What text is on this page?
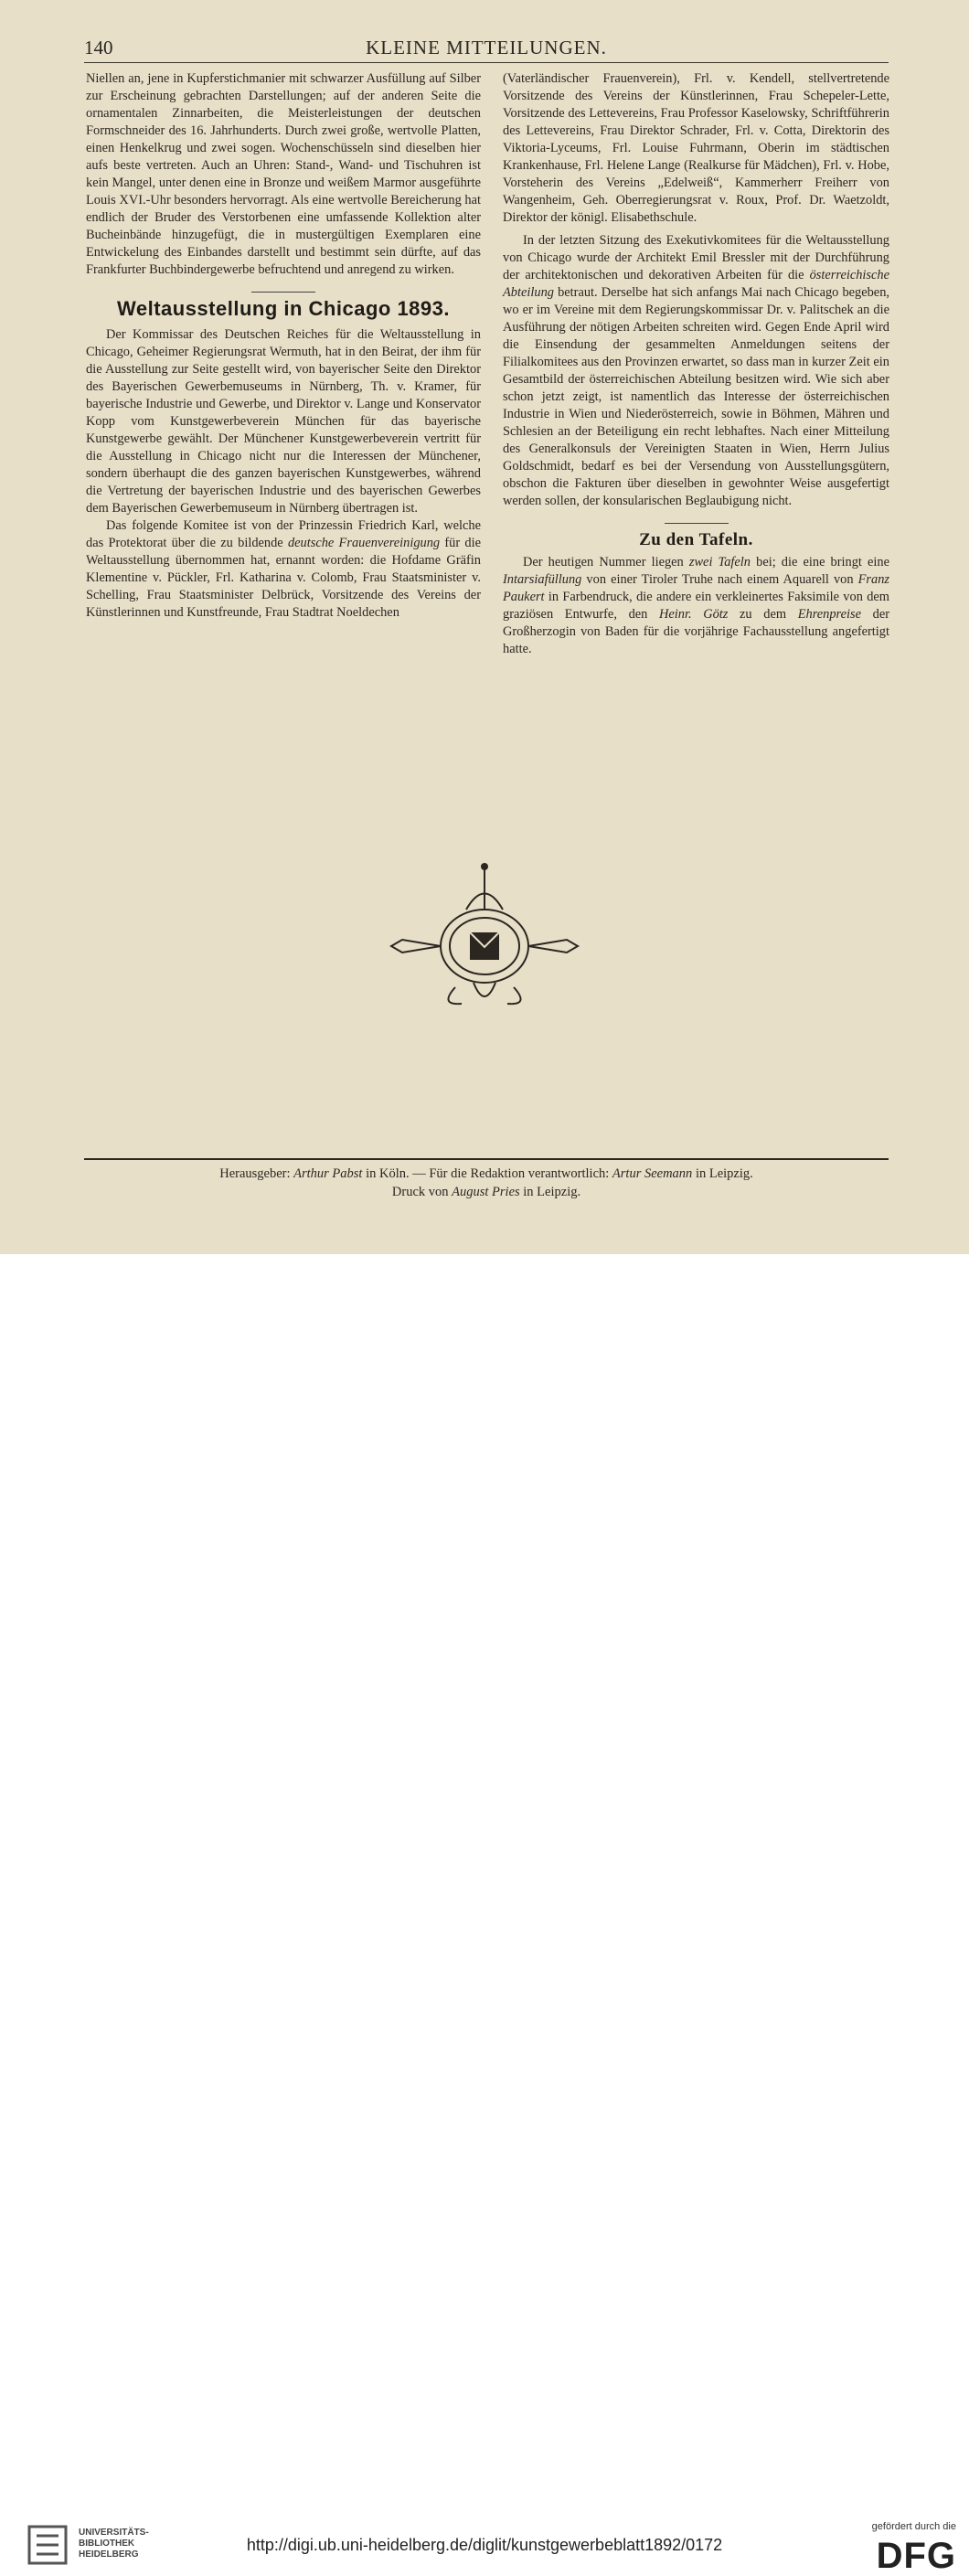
140	KLEINE MITTEILUNGEN.

Niellen an, jene in Kupferstichmanier mit schwarzer Ausfüllung auf Silber zur Erscheinung gebrachten Darstellungen; auf der anderen Seite die ornamentalen Zinnarbeiten, die Meisterleistungen der deutschen Formschneider des 16. Jahrhunderts. Durch zwei große, wertvolle Platten, einen Henkelkrug und zwei sogen. Wochenschüsseln sind dieselben hier aufs beste vertreten. Auch an Uhren: Stand-, Wand- und Tischuhren ist kein Mangel, unter denen eine in Bronze und weißem Marmor ausgeführte Louis XVI.-Uhr besonders hervorragt. Als eine wertvolle Bereicherung hat endlich der Bruder des Verstorbenen eine umfassende Kollektion alter Bucheinbände hinzugefügt, die in mustergültigen Exemplaren eine Entwickelung des Einbandes darstellt und bestimmt sein dürfte, auf das Frankfurter Buchbindergewerbe befruchtend und anregend zu wirken.

Weltausstellung in Chicago 1893.

Der Kommissar des Deutschen Reiches für die Weltausstellung in Chicago, Geheimer Regierungsrat Wermuth, hat in den Beirat, der ihm für die Ausstellung zur Seite gestellt wird, von bayerischer Seite den Direktor des Bayerischen Gewerbemuseums in Nürnberg, Th. v. Kramer, für bayerische Industrie und Gewerbe, und Direktor v. Lange und Konservator Kopp vom Kunstgewerbeverein München für das bayerische Kunstgewerbe gewählt. Der Münchener Kunstgewerbeverein vertritt für die Ausstellung in Chicago nicht nur die Interessen der Münchener, sondern überhaupt die des ganzen bayerischen Kunstgewerbes, während die Vertretung der bayerischen Industrie und des bayerischen Gewerbes dem Bayerischen Gewerbemuseum in Nürnberg übertragen ist.

Das folgende Komitee ist von der Prinzessin Friedrich Karl, welche das Protektorat über die zu bildende deutsche Frauenvereinigung für die Weltausstellung übernommen hat, ernannt worden: die Hofdame Gräfin Klementine v. Pückler, Frl. Katharina v. Colomb, Frau Staatsminister v. Schelling, Frau Staatsminister Delbrück, Vorsitzende des Vereins der Künstlerinnen und Kunstfreunde, Frau Stadtrat Noeldechen

(Vaterländischer Frauenverein), Frl. v. Kendell, stellvertretende Vorsitzende des Vereins der Künstlerinnen, Frau Schepeler-Lette, Vorsitzende des Lettevereins, Frau Professor Kaselowsky, Schriftführerin des Lettevereins, Frau Direktor Schrader, Frl. v. Cotta, Direktorin des Viktoria-Lyceums, Frl. Louise Fuhrmann, Oberin im städtischen Krankenhause, Frl. Helene Lange (Realkurse für Mädchen), Frl. v. Hobe, Vorsteherin des Vereins „Edelweiß“, Kammerherr Freiherr von Wangenheim, Geh. Oberregierungsrat v. Roux, Prof. Dr. Waetzoldt, Direktor der königl. Elisabethschule.

In der letzten Sitzung des Exekutivkomitees für die Weltausstellung von Chicago wurde der Architekt Emil Bressler mit der Durchführung der architektonischen und dekorativen Arbeiten für die österreichische Abteilung betraut. Derselbe hat sich anfangs Mai nach Chicago begeben, wo er im Vereine mit dem Regierungskommissar Dr. v. Palitschek an die Ausführung der nötigen Arbeiten schreiten wird. Gegen Ende April wird die Einsendung der gesammelten Anmeldungen seitens der Filialkomitees aus den Provinzen erwartet, so dass man in kurzer Zeit ein Gesamtbild der österreichischen Abteilung besitzen wird. Wie sich aber schon jetzt zeigt, ist namentlich das Interesse der österreichischen Industrie in Wien und Niederösterreich, sowie in Böhmen, Mähren und Schlesien an der Beteiligung ein recht lebhaftes. Nach einer Mitteilung des Generalkonsuls der Vereinigten Staaten in Wien, Herrn Julius Goldschmidt, bedarf es bei der Versendung von Ausstellungsgütern, obschon die Fakturen über dieselben in gewohnter Weise ausgefertigt werden sollen, der konsularischen Beglaubigung nicht.

Zu den Tafeln.

Der heutigen Nummer liegen zwei Tafeln bei; die eine bringt eine Intarsiafüllung von einer Tiroler Truhe nach einem Aquarell von Franz Paukert in Farbendruck, die andere ein verkleinertes Faksimile von dem graziösen Entwurfe, den Heinr. Götz zu dem Ehrenpreise der Großherzogin von Baden für die vorjährige Fachausstellung angefertigt hatte.

Herausgeber: Arthur Pabst in Köln. — Für die Redaktion verantwortlich: Artur Seemann in Leipzig.
Druck von August Pries in Leipzig.
UNIVERSITÄTS-
BIBLIOTHEK
HEIDELBERG
http://digi.ub.uni-heidelberg.de/diglit/kunstgewerbeblatt1892/0172
gefördert durch die
DFG
